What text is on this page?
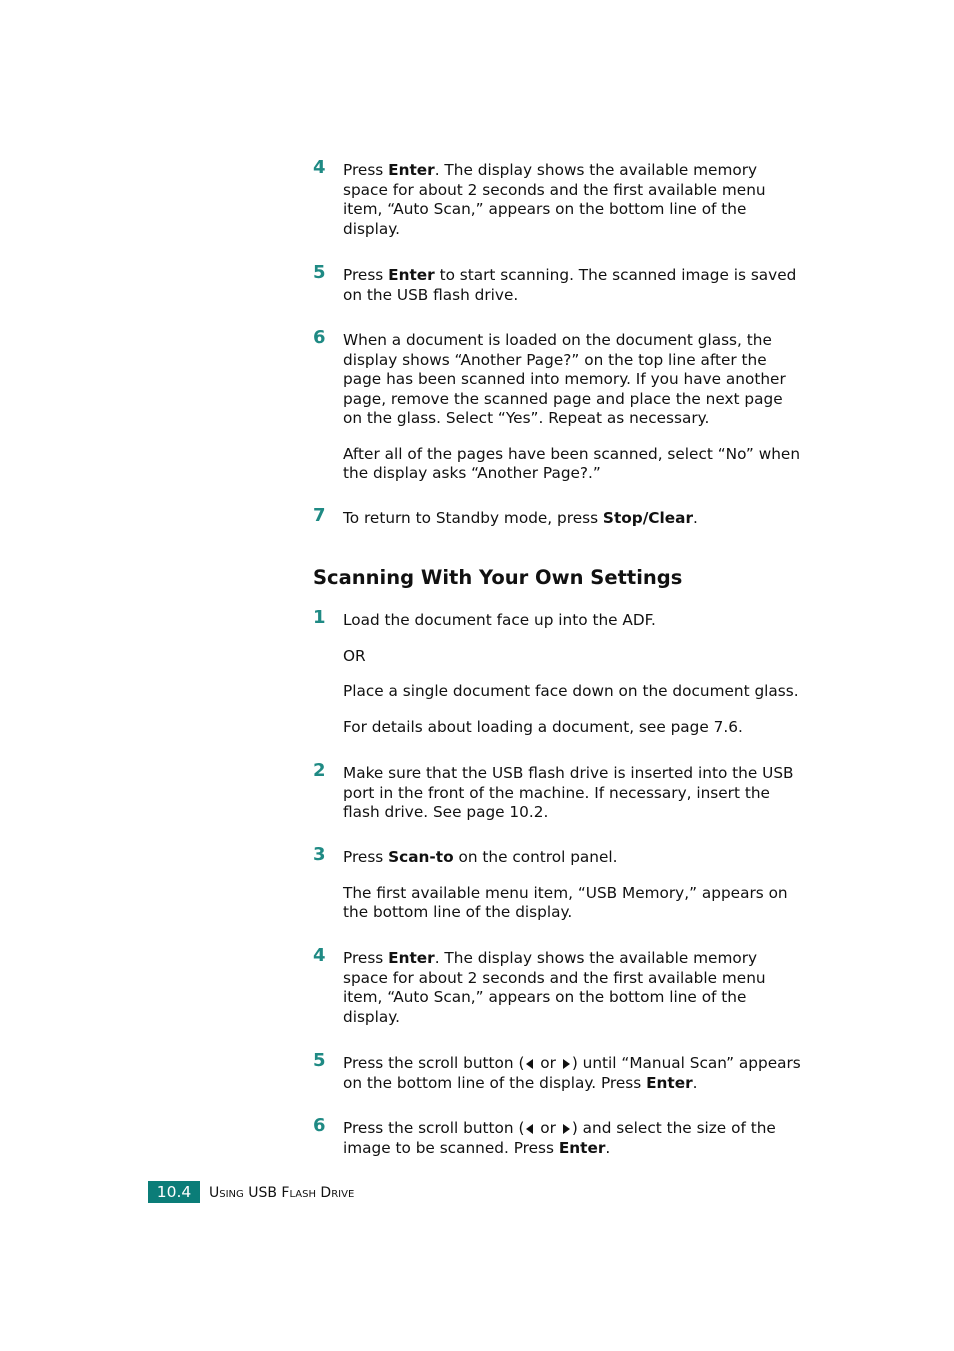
4	Press Enter. The display shows the available memory space for about 2 seconds and the first available menu item, “Auto Scan,” appears on the bottom line of the display.

5	Press Enter to start scanning. The scanned image is saved on the USB flash drive.

6	When a document is loaded on the document glass, the display shows “Another Page?” on the top line after the page has been scanned into memory. If you have another page, remove the scanned page and place the next page on the glass. Select “Yes”. Repeat as necessary.

After all of the pages have been scanned, select “No” when the display asks “Another Page?.”

7	To return to Standby mode, press Stop/Clear.

Scanning With Your Own Settings
1	Load the document face up into the ADF.

OR

Place a single document face down on the document glass.

For details about loading a document, see page 7.6.

2	Make sure that the USB flash drive is inserted into the USB port in the front of the machine. If necessary, insert the flash drive. See page 10.2.

3	Press Scan-to on the control panel.

The first available menu item, “USB Memory,” appears on the bottom line of the display.

4	Press Enter. The display shows the available memory space for about 2 seconds and the first available menu item, “Auto Scan,” appears on the bottom line of the display.

5	Press the scroll button ( or ) until “Manual Scan” appears on the bottom line of the display. Press Enter.

6	Press the scroll button ( or ) and select the size of the image to be scanned. Press Enter.

10.4	Using USB Flash Drive
